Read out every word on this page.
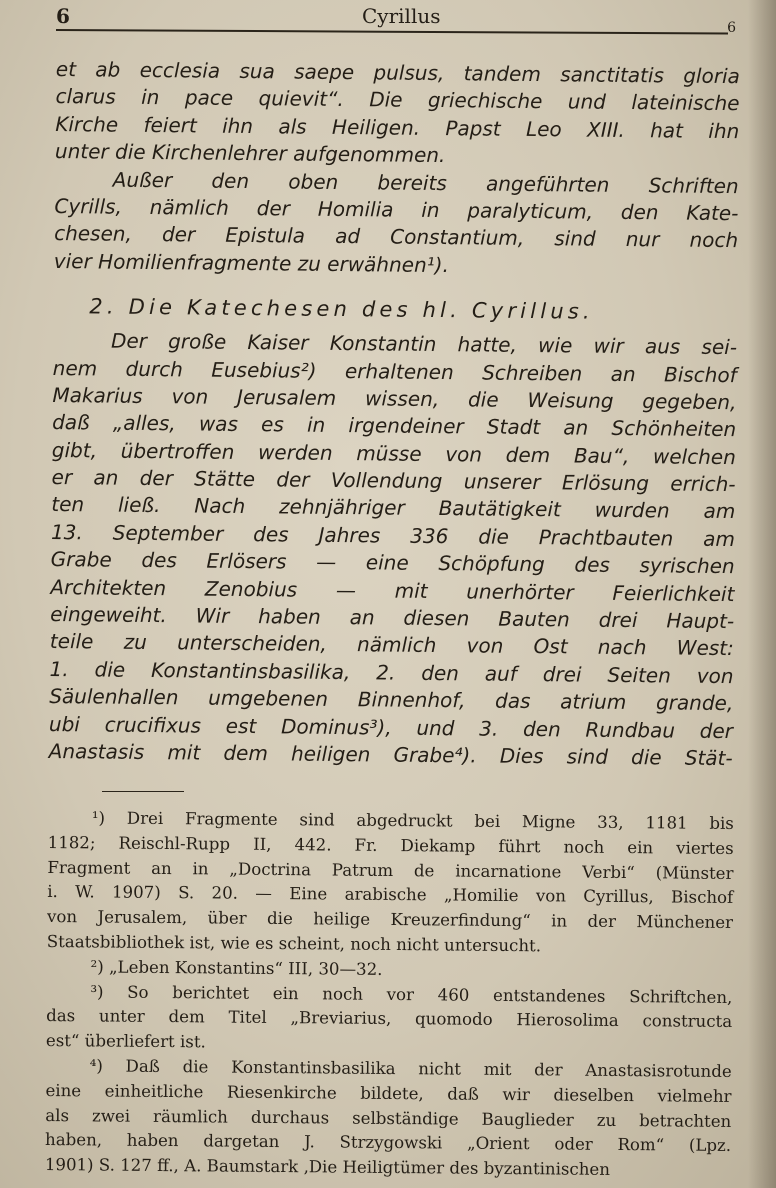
6	Cyrillus	6
et ab ecclesia sua saepe pulsus, tandem sanctitatis gloria
clarus in pace quievit“. Die griechische und lateinische
Kirche feiert ihn als Heiligen. Papst Leo XIII. hat ihn
unter die Kirchenlehrer aufgenommen.
Außer den oben bereits angeführten Schriften
Cyrills, nämlich der Homilia in paralyticum, den Kate-
chesen, der Epistula ad Constantium, sind nur noch
vier Homilienfragmente zu erwähnen¹).
2. Die Katechesen des hl. Cyrillus.
Der große Kaiser Konstantin hatte, wie wir aus sei-
nem durch Eusebius²) erhaltenen Schreiben an Bischof
Makarius von Jerusalem wissen, die Weisung gegeben,
daß „alles, was es in irgendeiner Stadt an Schönheiten
gibt, übertroffen werden müsse von dem Bau“, welchen
er an der Stätte der Vollendung unserer Erlösung errich-
ten ließ. Nach zehnjähriger Bautätigkeit wurden am
13. September des Jahres 336 die Prachtbauten am
Grabe des Erlösers — eine Schöpfung des syrischen
Architekten Zenobius — mit unerhörter Feierlichkeit
eingeweiht. Wir haben an diesen Bauten drei Haupt-
teile zu unterscheiden, nämlich von Ost nach West:
1. die Konstantinsbasilika, 2. den auf drei Seiten von
Säulenhallen umgebenen Binnenhof, das atrium grande,
ubi crucifixus est Dominus³), und 3. den Rundbau der
Anastasis mit dem heiligen Grabe⁴). Dies sind die Stät-
¹) Drei Fragmente sind abgedruckt bei Migne 33, 1181 bis
1182; Reischl-Rupp II, 442. Fr. Diekamp führt noch ein viertes
Fragment an in „Doctrina Patrum de incarnatione Verbi“ (Münster
i. W. 1907) S. 20. — Eine arabische „Homilie von Cyrillus, Bischof
von Jerusalem, über die heilige Kreuzerfindung“ in der Münchener
Staatsbibliothek ist, wie es scheint, noch nicht untersucht.
²) „Leben Konstantins“ III, 30—32.
³) So berichtet ein noch vor 460 entstandenes Schriftchen,
das unter dem Titel „Breviarius, quomodo Hierosolima constructa
est“ überliefert ist.
⁴) Daß die Konstantinsbasilika nicht mit der Anastasisrotunde
eine einheitliche Riesenkirche bildete, daß wir dieselben vielmehr
als zwei räumlich durchaus selbständige Bauglieder zu betrachten
haben, haben dargetan J. Strzygowski „Orient oder Rom“ (Lpz.
1901) S. 127 ff., A. Baumstark ‚Die Heiligtümer des byzantinischen
